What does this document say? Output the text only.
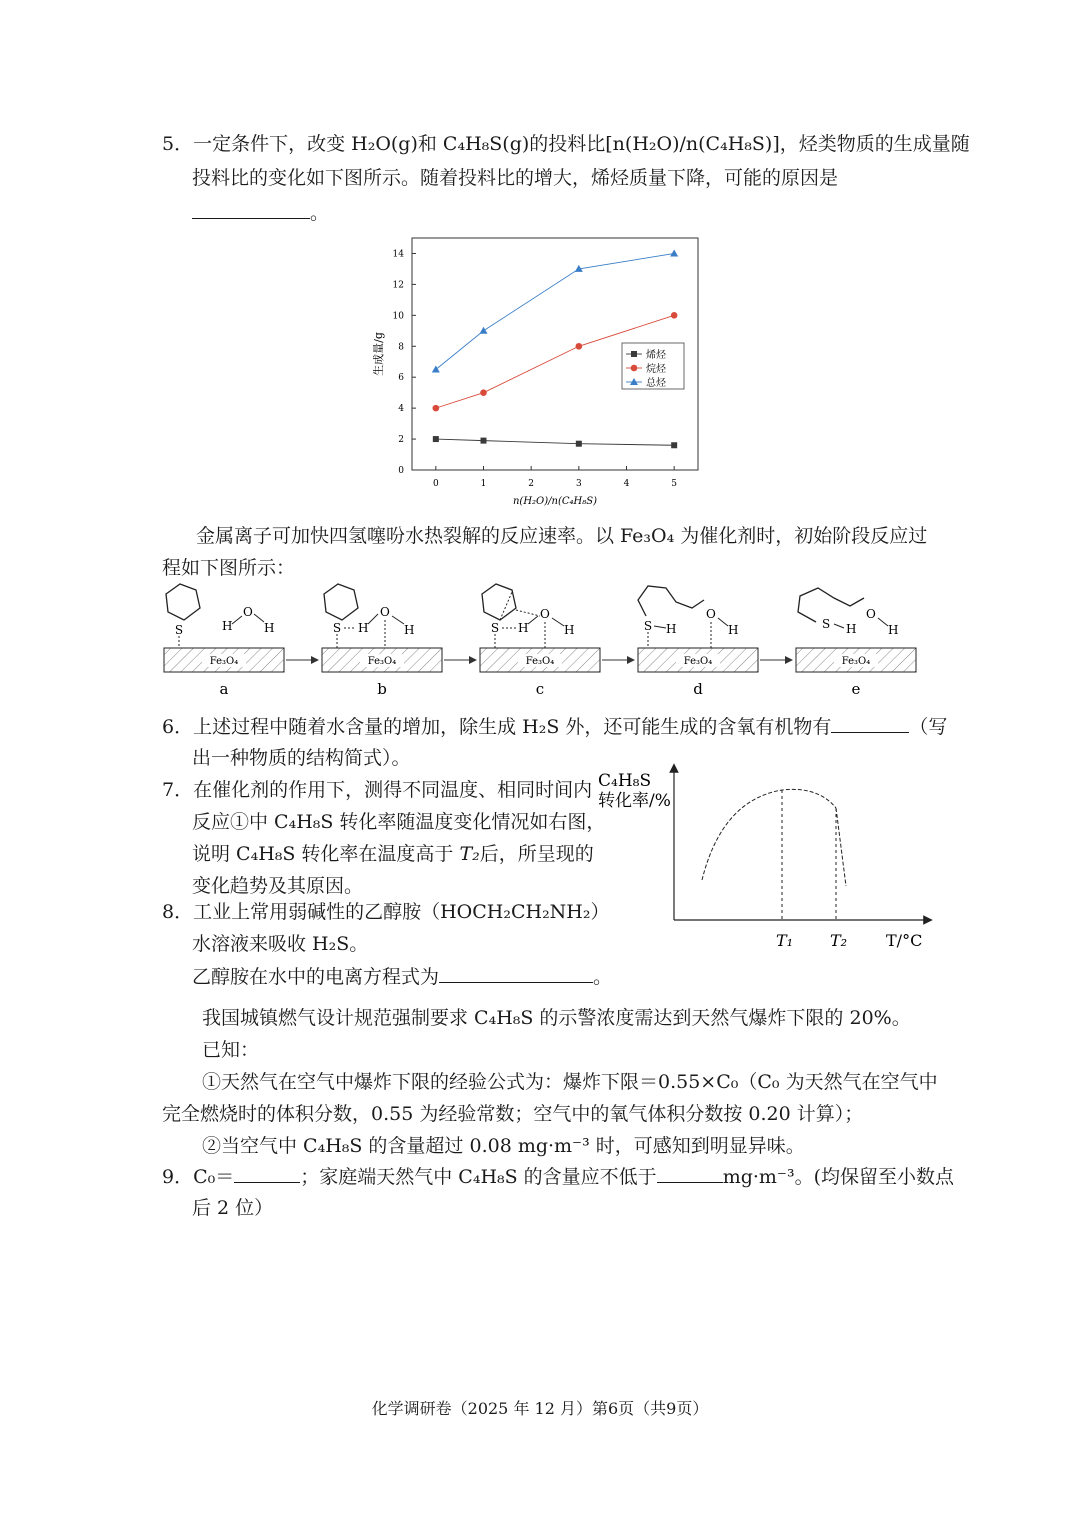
5．一定条件下，改变 H₂O(g)和 C₄H₈S(g)的投料比[n(H₂O)/n(C₄H₈S)]，烃类物质的生成量随
投料比的变化如下图所示。随着投料比的增大，烯烃质量下降，可能的原因是
。
0
2
4
6
8
10
12
14
0	1	2	3	4	5
生成量/g
n(H₂O)/n(C₄H₈S)
烯烃
烷烃
总烃
金属离子可加快四氢噻吩水热裂解的反应速率。以 Fe₃O₄ 为催化剂时，初始阶段反应过
程如下图所示：
S	H
O
H
Fe₃O₄
a
S H
O
H
Fe₃O₄
b
S H
O
H
Fe₃O₄
c
S H
O
H
Fe₃O₄
d
S H
O
H
Fe₃O₄
e
6．上述过程中随着水含量的增加，除生成 H₂S 外，还可能生成的含氧有机物有	（写
出一种物质的结构简式）。
7．在催化剂的作用下，测得不同温度、相同时间内
反应①中 C₄H₈S 转化率随温度变化情况如右图，
说明 C₄H₈S 转化率在温度高于 T₂后，所呈现的
变化趋势及其原因。
C₄H₈S
转化率/%
T₁ T₂ T/°C
8．工业上常用弱碱性的乙醇胺（HOCH₂CH₂NH₂）
水溶液来吸收 H₂S。
乙醇胺在水中的电离方程式为	。
我国城镇燃气设计规范强制要求 C₄H₈S 的示警浓度需达到天然气爆炸下限的 20%。
已知：
①天然气在空气中爆炸下限的经验公式为：爆炸下限＝0.55×C₀（C₀ 为天然气在空气中
完全燃烧时的体积分数，0.55 为经验常数；空气中的氧气体积分数按 0.20 计算）；
②当空气中 C₄H₈S 的含量超过 0.08 mg·m⁻³ 时，可感知到明显异味。
9．C₀＝	；家庭端天然气中 C₄H₈S 的含量应不低于	mg·m⁻³。(均保留至小数点
后 2 位）
化学调研卷（2025 年 12 月）第6页（共9页）
